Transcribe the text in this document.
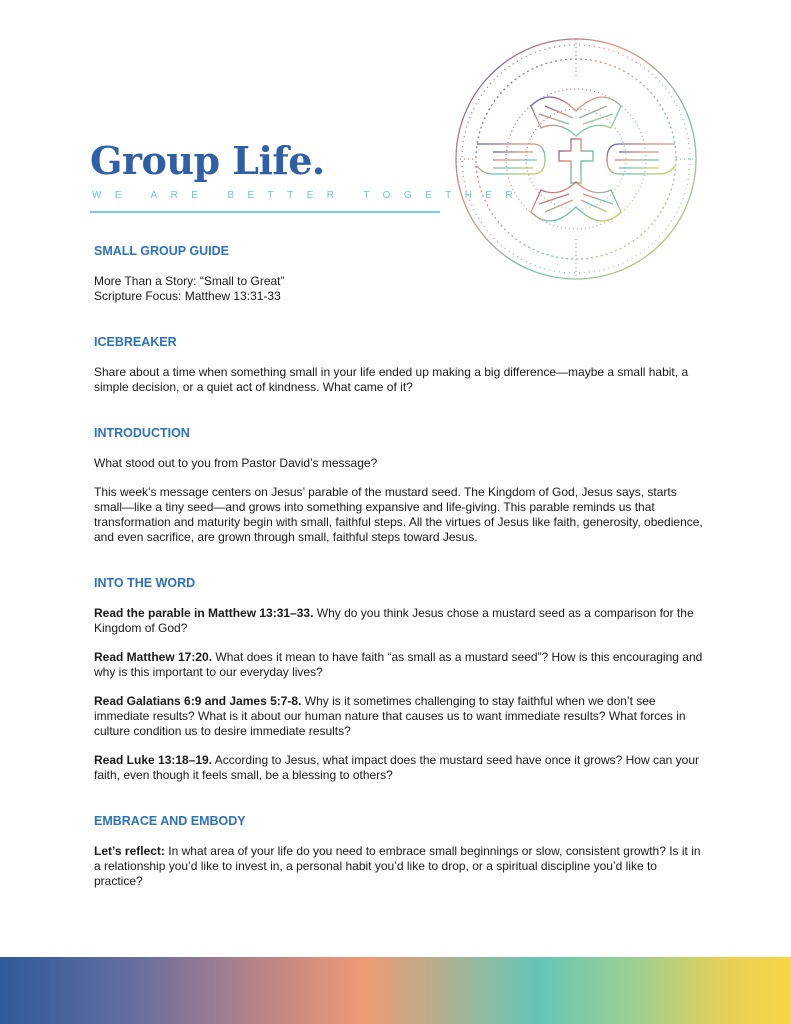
Group Life.
WE ARE BETTER TOGETHER
SMALL GROUP GUIDE

More Than a Story: “Small to Great”

Scripture Focus: Matthew 13:31-33

ICEBREAKER

Share about a time when something small in your life ended up making a big difference—maybe a small habit, a simple decision, or a quiet act of kindness. What came of it?

INTRODUCTION

What stood out to you from Pastor David’s message?

This week’s message centers on Jesus’ parable of the mustard seed. The Kingdom of God, Jesus says, starts small—like a tiny seed—and grows into something expansive and life-giving. This parable reminds us that transformation and maturity begin with small, faithful steps. All the virtues of Jesus like faith, generosity, obedience, and even sacrifice, are grown through small, faithful steps toward Jesus.

INTO THE WORD

Read the parable in Matthew 13:31–33. Why do you think Jesus chose a mustard seed as a comparison for the Kingdom of God?

Read Matthew 17:20. What does it mean to have faith “as small as a mustard seed”? How is this encouraging and why is this important to our everyday lives?

Read Galatians 6:9 and James 5:7-8. Why is it sometimes challenging to stay faithful when we don’t see immediate results? What is it about our human nature that causes us to want immediate results? What forces in culture condition us to desire immediate results?

Read Luke 13:18–19. According to Jesus, what impact does the mustard seed have once it grows? How can your faith, even though it feels small, be a blessing to others?

EMBRACE AND EMBODY

Let’s reflect: In what area of your life do you need to embrace small beginnings or slow, consistent growth? Is it in a relationship you’d like to invest in, a personal habit you’d like to drop, or a spiritual discipline you’d like to practice?
